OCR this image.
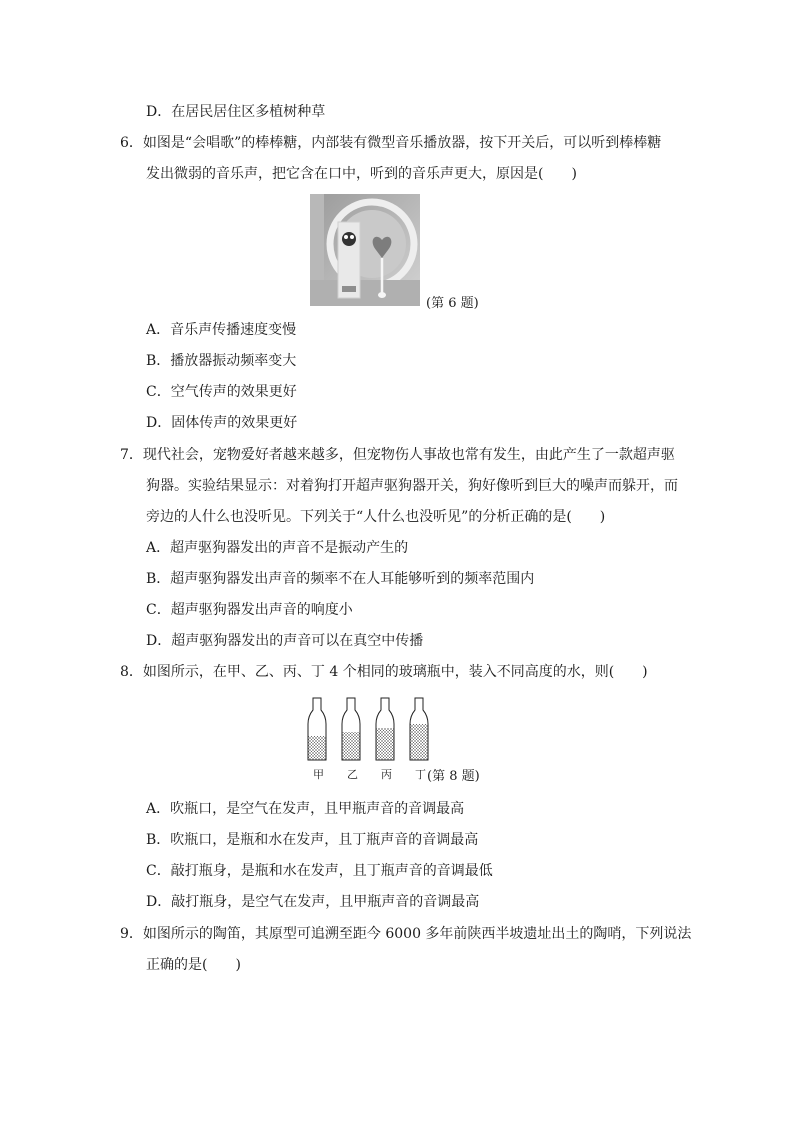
D．在居民居住区多植树种草
6．如图是“会唱歌”的棒棒糖，内部装有微型音乐播放器，按下开关后，可以听到棒棒糖
发出微弱的音乐声，把它含在口中，听到的音乐声更大，原因是(　　)
(第 6 题)
A．音乐声传播速度变慢
B．播放器振动频率变大
C．空气传声的效果更好
D．固体传声的效果更好
7．现代社会，宠物爱好者越来越多，但宠物伤人事故也常有发生，由此产生了一款超声驱
狗器。实验结果显示：对着狗打开超声驱狗器开关，狗好像听到巨大的噪声而躲开，而
旁边的人什么也没听见。下列关于“人什么也没听见”的分析正确的是(　　)
A．超声驱狗器发出的声音不是振动产生的
B．超声驱狗器发出声音的频率不在人耳能够听到的频率范围内
C．超声驱狗器发出声音的响度小
D．超声驱狗器发出的声音可以在真空中传播
8．如图所示，在甲、乙、丙、丁 4 个相同的玻璃瓶中，装入不同高度的水，则(　　)
甲 乙 丙 丁 (第 8 题)
A．吹瓶口，是空气在发声，且甲瓶声音的音调最高
B．吹瓶口，是瓶和水在发声，且丁瓶声音的音调最高
C．敲打瓶身，是瓶和水在发声，且丁瓶声音的音调最低
D．敲打瓶身，是空气在发声，且甲瓶声音的音调最高
9．如图所示的陶笛，其原型可追溯至距今 6000 多年前陕西半坡遗址出土的陶哨，下列说法
正确的是(　　)
